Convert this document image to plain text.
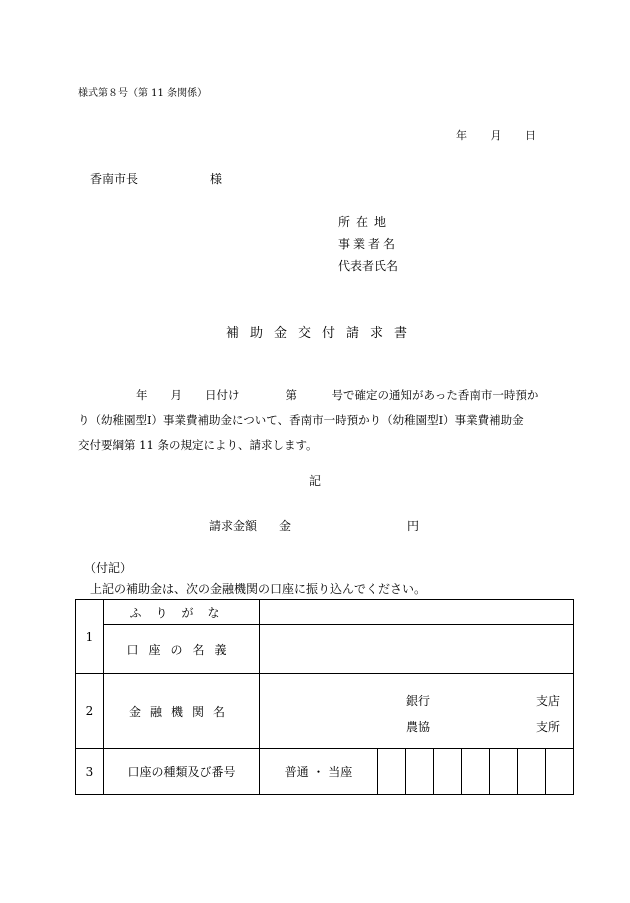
様式第８号（第 11 条関係）
年 月 日
香南市長	様
所在地
事業者名
代表者氏名
補助金交付請求書
年　　月　　日付け　　　　第　　　号で確定の通知があった香南市一時預か
り（幼稚園型Ⅰ）事業費補助金について、香南市一時預かり（幼稚園型Ⅰ）事業費補助金
交付要綱第 11 条の規定により、請求します。
記
請求金額 金	円
（付記）
上記の補助金は、次の金融機関の口座に振り込んでください。
1	ふりがな								
	口座の名義								
2	金融機関名	銀行 支店
農協 支所							

3	口座の種類及び番号	普通 ・ 当座							
